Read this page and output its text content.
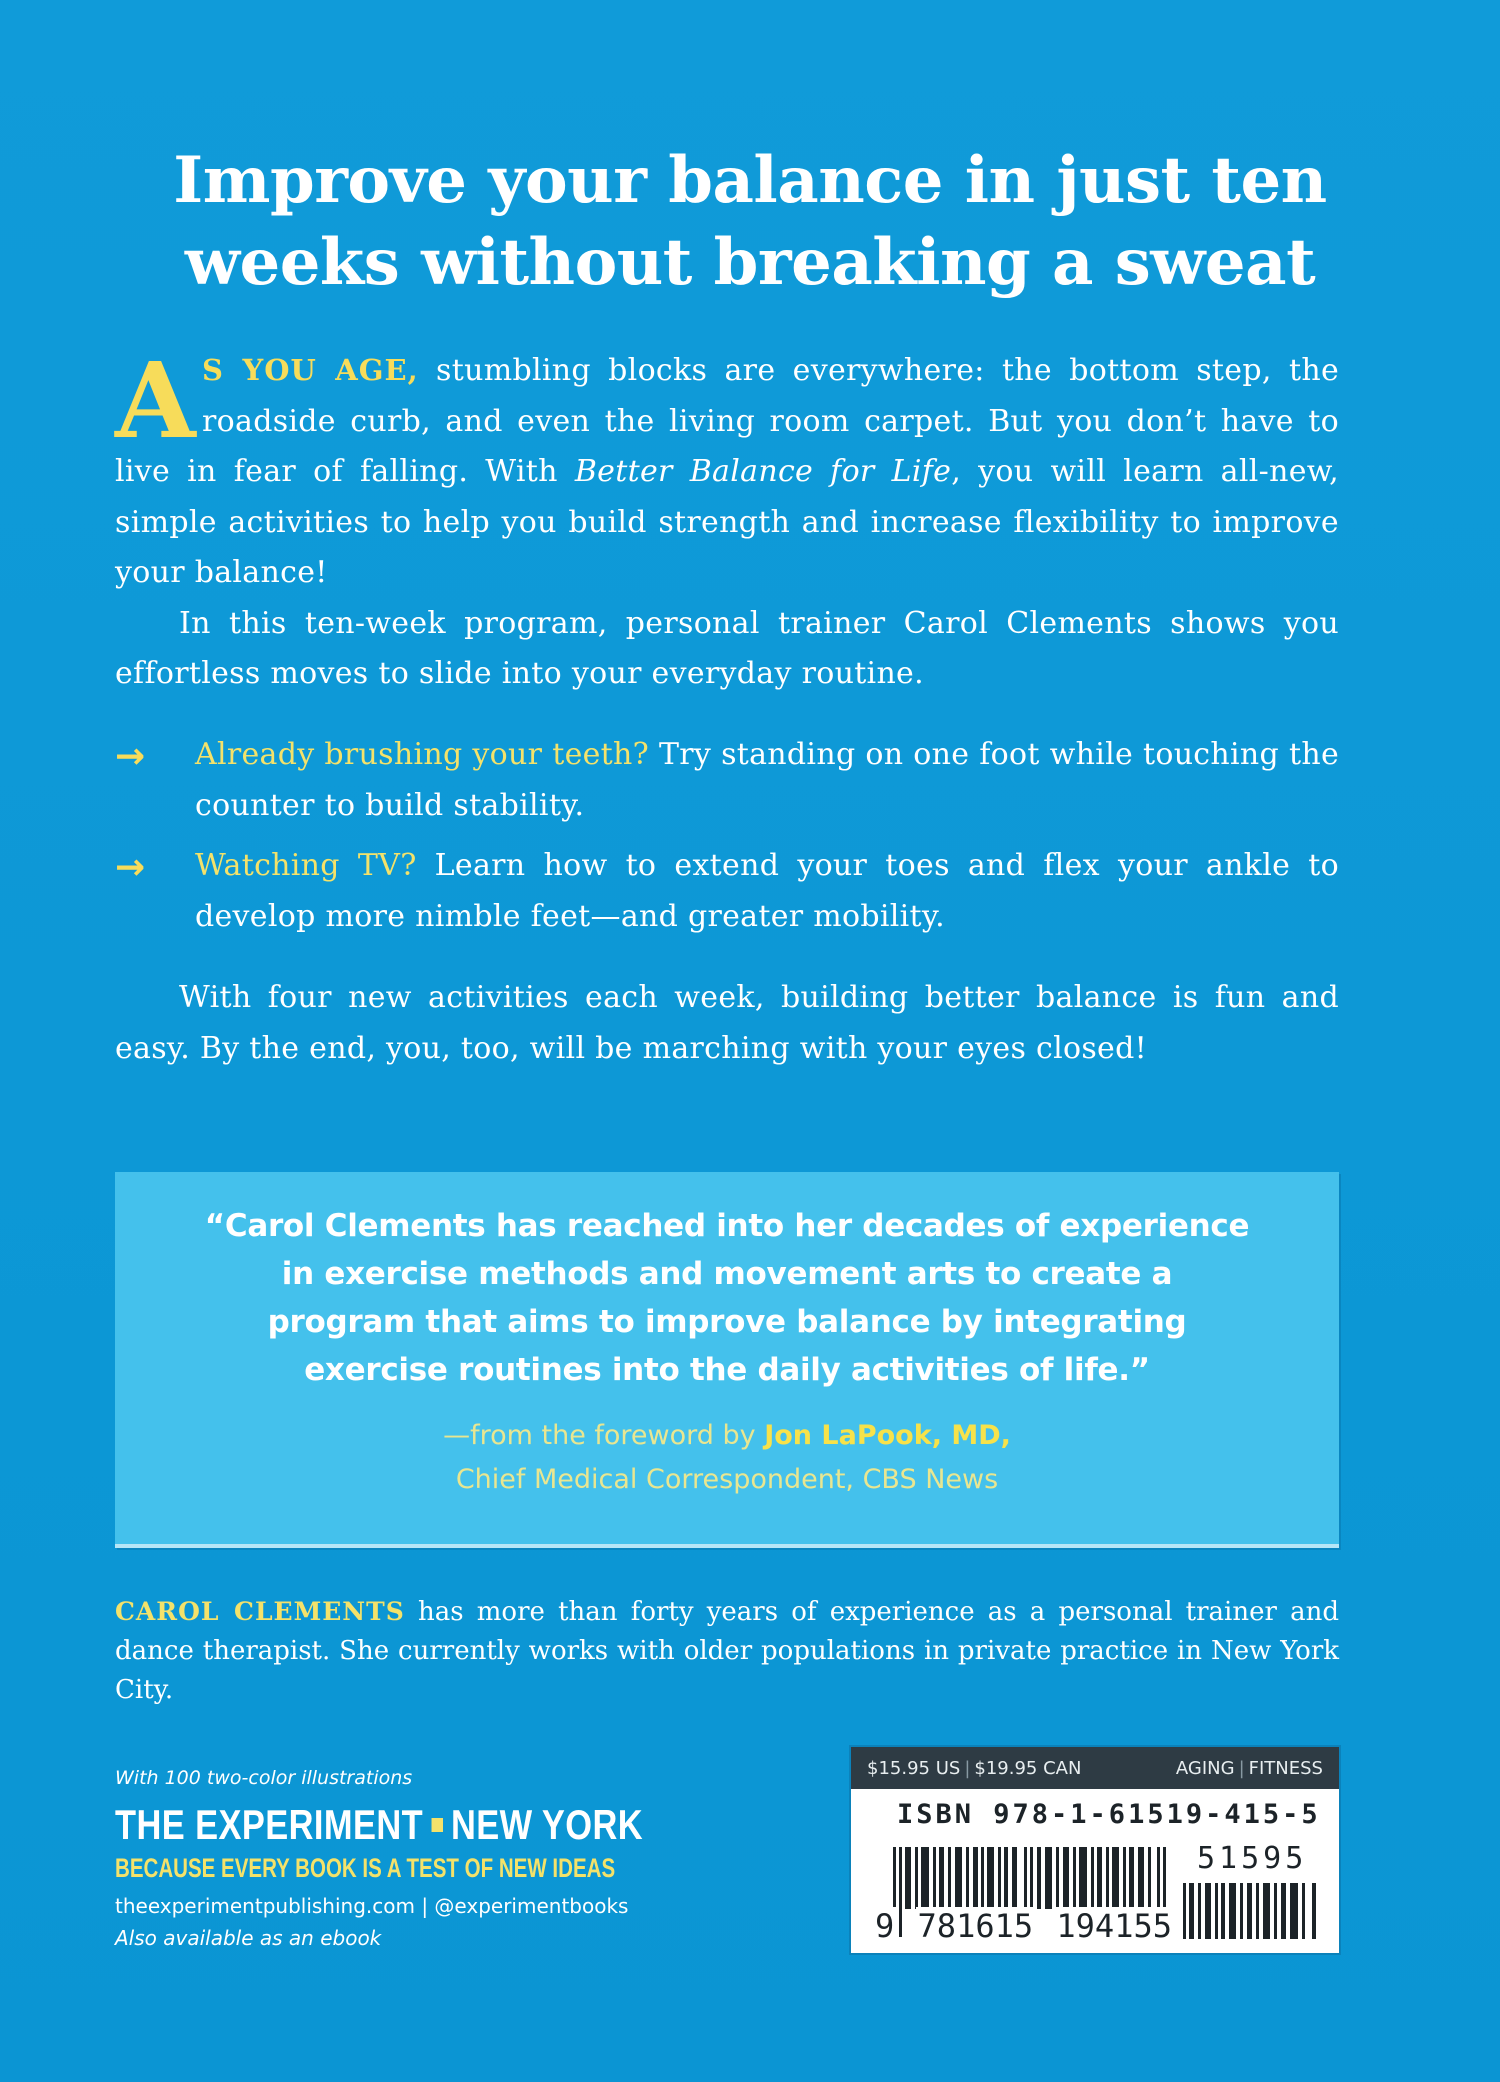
Improve your balance in just ten
weeks without breaking a sweat
A S YOU AGE, stumbling blocks are everywhere: the bottom step, the roadside curb, and even the living room carpet. But you don’t have to live in fear of falling. With Better Balance for Life, you will learn all-new, simple activities to help you build strength and increase flexibility to improve your balance!
In this ten-week program, personal trainer Carol Clements shows you effortless moves to slide into your everyday routine.
→ Already brushing your teeth? Try standing on one foot while touching the counter to build stability.
→ Watching TV? Learn how to extend your toes and flex your ankle to develop more nimble feet—and greater mobility.
With four new activities each week, building better balance is fun and easy. By the end, you, too, will be marching with your eyes closed!
“Carol Clements has reached into her decades of experience
in exercise methods and movement arts to create a
program that aims to improve balance by integrating
exercise routines into the daily activities of life.”
—from the foreword by Jon LaPook, MD,
Chief Medical Correspondent, CBS News
CAROL CLEMENTS has more than forty years of experience as a personal trainer and dance therapist. She currently works with older populations in private practice in New York City.
With 100 two-color illustrations
THE EXPERIMENT NEW YORK
BECAUSE EVERY BOOK IS A TEST OF NEW IDEAS
theexperimentpublishing.com | @experimentbooks
Also available as an ebook
$15.95 US | $19.95 CAN	AGING | FITNESS
ISBN 978-1-61519-415-5
51595
9 781615 194155
